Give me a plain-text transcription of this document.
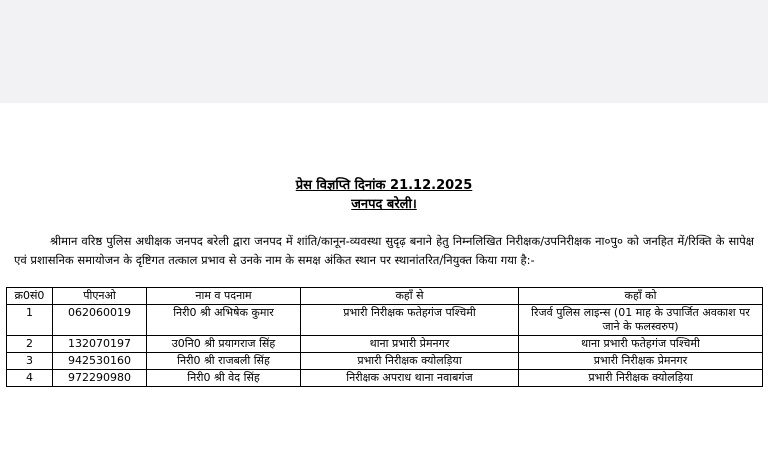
प्रेस विज्ञप्ति दिनांक 21.12.2025
जनपद बरेली।
श्रीमान वरिष्ठ पुलिस अधीक्षक जनपद बरेली द्वारा जनपद में शांति/कानून-व्यवस्था सुदृढ़ बनाने हेतु निम्नलिखित निरीक्षक/उपनिरीक्षक ना०पु० को जनहित में/रिक्ति के सापेक्ष एवं प्रशासनिक समायोजन के दृष्टिगत तत्काल प्रभाव से उनके नाम के समक्ष अंकित स्थान पर स्थानांतरित/नियुक्त किया गया है:-
क्र0सं0	पीएनओ	नाम व पदनाम	कहाँ से	कहाँ को
1	062060019	निरी0 श्री अभिषेक कुमार	प्रभारी निरीक्षक फतेहगंज पश्चिमी	रिजर्व पुलिस लाइन्स (01 माह के उपार्जित अवकाश पर जाने के फलस्वरुप)
2	132070197	उ0नि0 श्री प्रयागराज सिंह	थाना प्रभारी प्रेमनगर	थाना प्रभारी फतेहगंज पश्चिमी
3	942530160	निरी0 श्री राजबली सिंह	प्रभारी निरीक्षक क्योलड़िया	प्रभारी निरीक्षक प्रेमनगर
4	972290980	निरी0 श्री वेद सिंह	निरीक्षक अपराध थाना नवाबगंज	प्रभारी निरीक्षक क्योलड़िया
